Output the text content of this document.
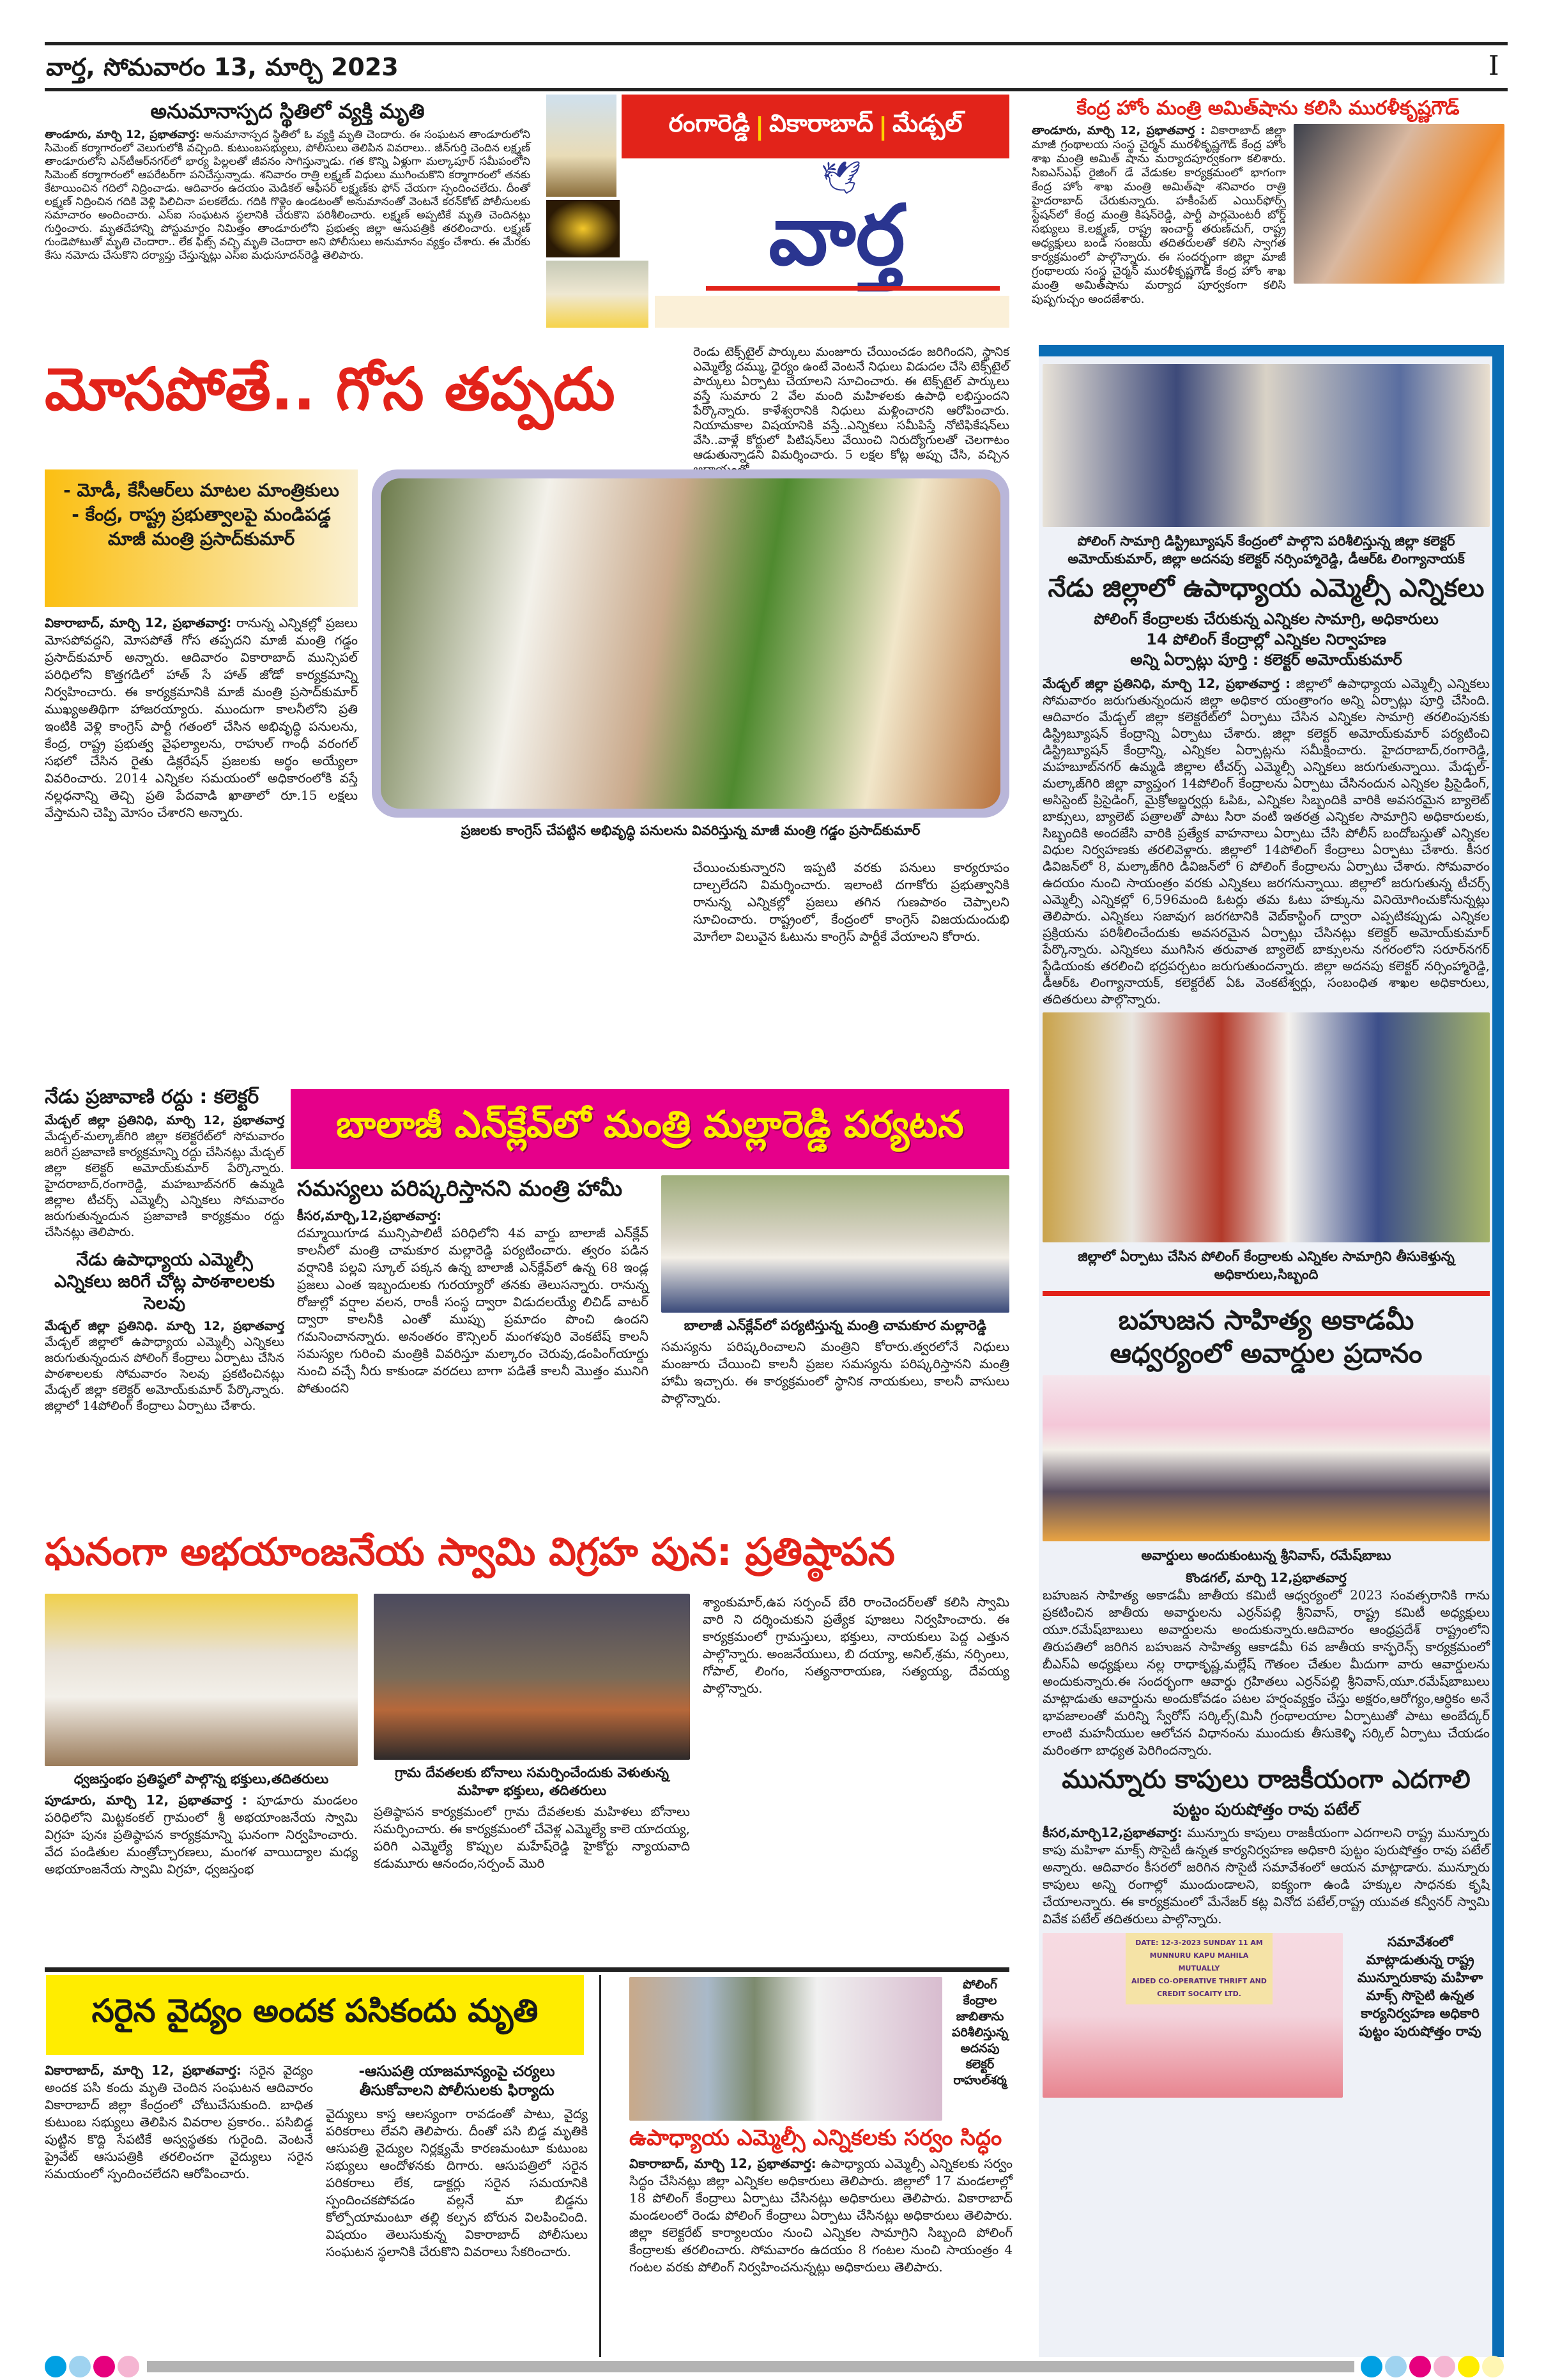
వార్త, సోమవారం 13, మార్చి 2023	I
అనుమానాస్పద స్థితిలో వ్యక్తి మృతి
తాండూరు, మార్చి 12, ప్రభాతవార్త: అనుమానాస్పద స్థితిలో ఓ వ్యక్తి మృతి చెందారు. ఈ సంఘటన తాండూరులోని సిమెంట్ కర్మాగారంలో వెలుగులోకి వచ్చింది. కుటుంబసభ్యులు, పోలీసులు తెలిపిన వివరాలు.. జీన్‌గుర్తి చెందిన లక్ష్మణ్ తాండూరులోని ఎన్‌టీఆర్‌నగర్‌లో భార్య పిల్లలతో జీవనం సాగిస్తున్నాడు. గత కొన్ని ఏళ్లుగా మల్కాపూర్ సమీపంలోని సిమెంట్ కర్మాగారంలో ఆపరేటర్‌గా పనిచేస్తున్నాడు. శనివారం రాత్రి లక్ష్మణ్ విధులు ముగించుకొని కర్మాగారంలో తనకు కేటాయించిన గదిలో నిద్రించాడు. ఆదివారం ఉదయం మెడికల్ ఆఫీసర్ లక్ష్మణ్‌కు ఫోన్ చేయగా స్పందించలేదు. దీంతో లక్ష్మణ్ నిద్రించిన గదికి వెళ్లి పిలిచినా పలకలేదు. గదికి గొళ్లెం ఉండటంతో అనుమానంతో వెంటనే కరన్‌కోట్ పోలీసులకు సమాచారం అందించారు. ఎస్ఐ సంఘటన స్థలానికి చేరుకొని పరిశీలించారు. లక్ష్మణ్ అప్పటికే మృతి చెందినట్లు గుర్తించారు. మృతదేహాన్ని పోస్టుమార్టం నిమిత్తం తాండూరులోని ప్రభుత్వ జిల్లా ఆసుపత్రికి తరలించారు. లక్ష్మణ్ గుండెపోటుతో మృతి చెందారా.. లేక ఫిట్స్ వచ్చి మృతి చెందారా అని పోలీసులు అనుమానం వ్యక్తం చేశారు. ఈ మేరకు కేసు నమోదు చేసుకొని దర్యాప్తు చేస్తున్నట్లు ఎస్ఐ మధుసూదన్‌రెడ్డి తెలిపారు.
రంగారెడ్డి | వికారాబాద్ | మేడ్చల్
🕊
వార్త
కేంద్ర హోం మంత్రి అమిత్‌షాను కలిసి మురళీకృష్ణగౌడ్
తాండూరు, మార్చి 12, ప్రభాతవార్త : వికారాబాద్ జిల్లా మాజీ గ్రంథాలయ సంస్థ చైర్మన్ మురళీకృష్ణగౌడ్ కేంద్ర హోం శాఖ మంత్రి అమిత్ షాను మర్యాదపూర్వకంగా కలిశారు. సిఐఎస్ఎఫ్ రైజింగ్ డే వేడుకల కార్యక్రమంలో భాగంగా కేంద్ర హోం శాఖ మంత్రి అమిత్‌షా శనివారం రాత్రి హైదరాబాద్ చేరుకున్నారు. హకీంపేట్ ఎయిర్‌ఫోర్స్ స్టేషన్‌లో కేంద్ర మంత్రి కిషన్‌రెడ్డి, పార్టీ పార్లమెంటరీ బోర్డ్ సభ్యులు కె.లక్ష్మణ్, రాష్ట్ర ఇంచార్జ్ తరుణ్‌చుగ్, రాష్ట్ర అధ్యక్షులు బండి సంజయ్ తదితరులతో కలిసి స్వాగత కార్యక్రమంలో పాల్గొన్నారు. ఈ సందర్భంగా జిల్లా మాజీ గ్రంథాలయ సంస్థ చైర్మన్ మురళీకృష్ణగౌడ్ కేంద్ర హోం శాఖ మంత్రి అమిత్‌షాను మర్యాద పూర్వకంగా కలిసి పుష్పగుచ్చం అందజేశారు.
మోసపోతే.. గోస తప్పదు
రెండు టెక్స్‌టైల్ పార్కులు మంజూరు చేయించడం జరిగిందని, స్థానిక ఎమ్మెల్యే దమ్ము, ధైర్యం ఉంటే వెంటనే నిధులు విడుదల చేసి టెక్స్‌టైల్ పార్కులు ఏర్పాటు చేయాలని సూచించారు. ఈ టెక్స్‌టైల్ పార్కులు వస్తే సుమారు 2 వేల మంది మహిళలకు ఉపాధి లభిస్తుందని పేర్కొన్నారు. కాళేశ్వరానికి నిధులు మళ్లించారని ఆరోపించారు. నియామకాల విషయానికి వస్తే..ఎన్నికలు సమీపిస్తే నోటిఫికేషన్‌లు వేసి..వాళ్లే కోర్టులో పిటిషన్‌లు వేయించి నిరుద్యోగులతో చెలగాటం ఆడుతున్నాడని విమర్శించారు. 5 లక్షల కోట్ల అప్పు చేసి, వచ్చిన
- మోడీ, కేసీఆర్‌లు మాటల మాంత్రికులు
- కేంద్ర, రాష్ట్ర ప్రభుత్వాలపై మండిపడ్డ మాజీ మంత్రి ప్రసాద్‌కుమార్
వికారాబాద్, మార్చి 12, ప్రభాతవార్త: రానున్న ఎన్నికల్లో ప్రజలు మోసపోవద్దని, మోసపోతే గోస తప్పదని మాజీ మంత్రి గడ్డం ప్రసాద్‌కుమార్ అన్నారు. ఆదివారం వికారాబాద్ మున్సిపల్ పరిధిలోని కొత్తగడిలో హాత్ సే హాత్ జోడో కార్యక్రమాన్ని నిర్వహించారు. ఈ కార్యక్రమానికి మాజీ మంత్రి ప్రసాద్‌కుమార్ ముఖ్యఅతిథిగా హాజరయ్యారు. ముందుగా కాలనీలోని ప్రతి ఇంటికి వెళ్లి కాంగ్రెస్ పార్టీ గతంలో చేసిన అభివృద్ధి పనులను, కేంద్ర, రాష్ట్ర ప్రభుత్వ వైఫల్యాలను, రాహుల్ గాంధీ వరంగల్ సభలో చేసిన రైతు డిక్లరేషన్ ప్రజలకు అర్థం అయ్యేలా వివరించారు. 2014 ఎన్నికల సమయంలో అధికారంలోకి వస్తే నల్లధనాన్ని తెచ్చి ప్రతి పేదవాడి ఖాతాలో రూ.15 లక్షలు వేస్తామని చెప్పి మోసం చేశారని అన్నారు.
ప్రజలకు కాంగ్రెస్ చేపట్టిన అభివృద్ధి పనులను వివరిస్తున్న మాజీ మంత్రి గడ్డం ప్రసాద్‌కుమార్
చేయించుకున్నారని ఇప్పటి వరకు పనులు కార్యరూపం దాల్చలేదని విమర్శించారు. ఇలాంటి దగాకోరు ప్రభుత్వానికి రానున్న ఎన్నికల్లో ప్రజలు తగిన గుణపాఠం చెప్పాలని సూచించారు. రాష్ట్రంలో, కేంద్రంలో కాంగ్రెస్ విజయదుందుభి మోగేలా విలువైన ఓటును కాంగ్రెస్ పార్టీకే వేయాలని కోరారు.
నేడు ప్రజావాణి రద్దు : కలెక్టర్
మేడ్చల్ జిల్లా ప్రతినిధి, మార్చి 12, ప్రభాతవార్త మేడ్చల్-మల్కాజ్‌గిరి జిల్లా కలెక్టరేట్‌లో సోమవారం జరిగే ప్రజావాణి కార్యక్రమాన్ని రద్దు చేసినట్లు మేడ్చల్ జిల్లా కలెక్టర్ అమోయ్‌కుమార్ పేర్కొన్నారు. హైదరాబాద్,రంగారెడ్డి, మహబూబ్‌నగర్ ఉమ్మడి జిల్లాల టీచర్స్ ఎమ్మెల్సీ ఎన్నికలు సోమవారం జరుగుతున్నందున ప్రజావాణి కార్యక్రమం రద్దు చేసినట్లు తెలిపారు.
నేడు ఉపాధ్యాయ ఎమ్మెల్సీ ఎన్నికలు జరిగే చోట్ల పాఠశాలలకు సెలవు
మేడ్చల్ జిల్లా ప్రతినిధి. మార్చి 12, ప్రభాతవార్త మేడ్చల్ జిల్లాలో ఉపాధ్యాయ ఎమ్మెల్సీ ఎన్నికలు జరుగుతున్నందున పోలింగ్ కేంద్రాలు ఏర్పాటు చేసిన పాఠశాలలకు సోమవారం సెలవు ప్రకటించినట్లు మేడ్చల్ జిల్లా కలెక్టర్ అమోయ్‌కుమార్ పేర్కొన్నారు. జిల్లాలో 14పోలింగ్ కేంద్రాలు ఏర్పాటు చేశారు.
బాలాజీ ఎన్‌క్లేవ్‌లో మంత్రి మల్లారెడ్డి పర్యటన
సమస్యలు పరిష్కరిస్తానని మంత్రి హామీ
కీసర,మార్చి,12,ప్రభాతవార్త:
దమ్మాయిగూడ మున్సిపాలిటీ పరిధిలోని 4వ వార్డు బాలాజీ ఎన్‌క్లేవ్ కాలనీలో మంత్రి చామకూర మల్లారెడ్డి పర్యటించారు. త్వరం పడిన వర్షానికి పల్లవి స్కూల్ పక్కన ఉన్న బాలాజీ ఎన్‌క్లేవ్‌లో ఉన్న 68 ఇండ్ల ప్రజలు ఎంత ఇబ్బందులకు గురయ్యారో తనకు తెలుసన్నారు. రానున్న రోజుల్లో వర్షాల వలన, రాంకీ సంస్థ ద్వారా విడుదలయ్యే లిచిడ్ వాటర్ ద్వారా కాలనీకి ఎంతో ముప్పు ప్రమాదం పొంచి ఉందని గమనించానన్నారు. అనంతరం కౌన్సిలర్ మంగళపురి వెంకటేష్ కాలనీ సమస్యల గురించి మంత్రికి వివరిస్తూ మల్కారం చెరువు,డంపింగ్‌యార్డు నుంచి వచ్చే నీరు కాకుండా వరదలు బాగా పడితే కాలనీ మొత్తం మునిగి పోతుందని
బాలాజీ ఎన్‌క్లేవ్‌లో పర్యటిస్తున్న మంత్రి చామకూర మల్లారెడ్డి
సమస్యను పరిష్కరించాలని మంత్రిని కోరారు.త్వరలోనే నిధులు మంజూరు చేయించి కాలనీ ప్రజల సమస్యను పరిష్కరిస్తానని మంత్రి హామీ ఇచ్చారు. ఈ కార్యక్రమంలో స్థానిక నాయకులు, కాలనీ వాసులు పాల్గొన్నారు.
పోలింగ్ సామాగ్రి డిస్ట్రిబ్యూషన్ కేంద్రంలో పాల్గొని పరిశీలిస్తున్న జిల్లా కలెక్టర్ అమోయ్‌కుమార్, జిల్లా అదనపు కలెక్టర్ నర్సింహ్మారెడ్డి, డీఆర్‌ఓ లింగ్యానాయక్
నేడు జిల్లాలో ఉపాధ్యాయ ఎమ్మెల్సీ ఎన్నికలు
పోలింగ్ కేంద్రాలకు చేరుకున్న ఎన్నికల సామాగ్రి, అధికారులు
14 పోలింగ్ కేంద్రాల్లో ఎన్నికల నిర్వాహణ
అన్ని ఏర్పాట్లు పూర్తి : కలెక్టర్ అమోయ్‌కుమార్
మేడ్చల్ జిల్లా ప్రతినిధి, మార్చి 12, ప్రభాతవార్త : జిల్లాలో ఉపాధ్యాయ ఎమ్మెల్సీ ఎన్నికలు సోమవారం జరుగుతున్నందున జిల్లా అధికార యంత్రాంగం అన్ని ఏర్పాట్లు పూర్తి చేసింది. ఆదివారం మేడ్చల్ జిల్లా కలెక్టరేట్‌లో ఏర్పాటు చేసిన ఎన్నికల సామాగ్రి తరలింపునకు డిస్ట్రిబ్యూషన్ కేంద్రాన్ని ఏర్పాటు చేశారు. జిల్లా కలెక్టర్ అమోయ్‌కుమార్ పర్యటించి డిస్ట్రిబ్యూషన్ కేంద్రాన్ని, ఎన్నికల ఏర్పాట్లను సమీక్షించారు. హైదరాబాద్,రంగారెడ్డి, మహబూబ్‌నగర్ ఉమ్మడి జిల్లాల టీచర్స్ ఎమ్మెల్సీ ఎన్నికలు జరుగుతున్నాయి. మేడ్చల్-మల్కాజ్‌గిరి జిల్లా వ్యాప్తంగ 14పోలింగ్ కేంద్రాలను ఏర్పాటు చేసినందున ఎన్నికల ప్రిసైడింగ్, అసిస్టెంట్ ప్రిసైడింగ్, మైక్రోఅబ్జర్వర్లు ఓపిఓ, ఎన్నికల సిబ్బందికి వారికి అవసరమైన బ్యాలెట్ బాక్సులు, బ్యాలెట్ పత్రాలతో పాటు సిరా వంటి ఇతరత్ర ఎన్నికల సామాగ్రిని అధికారులకు, సిబ్బందికి అందజేసి వారికి ప్రత్యేక వాహనాలు ఏర్పాటు చేసి పోలీస్ బందోబస్తుతో ఎన్నికల విధుల నిర్వహణకు తరలివెళ్లారు. జిల్లాలో 14పోలింగ్ కేంద్రాలు ఏర్పాటు చేశారు. కీసర డివిజన్‌లో 8, మల్కాజ్‌గిరి డివిజన్‌లో 6 పోలింగ్ కేంద్రాలను ఏర్పాటు చేశారు. సోమవారం ఉదయం నుంచి సాయంత్రం వరకు ఎన్నికలు జరగనున్నాయి. జిల్లాలో జరుగుతున్న టీచర్స్ ఎమ్మెల్సీ ఎన్నికల్లో 6,596మంది ఓటర్లు తమ ఓటు హక్కును వినియోగించుకోనున్నట్లు తెలిపారు. ఎన్నికలు సజావుగ జరగటానికి వెబ్‌కాస్టింగ్ ద్వారా ఎప్పటికప్పుడు ఎన్నికల ప్రక్రియను పరిశీలించేందుకు అవసరమైన ఏర్పాట్లు చేసినట్లు కలెక్టర్ అమోయ్‌కుమార్ పేర్కొన్నారు. ఎన్నికలు ముగిసిన తరువాత బ్యాలెట్ బాక్సులను నగరంలోని సరూర్‌నగర్ స్టేడియంకు తరలించి భద్రపర్చటం జరుగుతుందన్నారు. జిల్లా అదనపు కలెక్టర్ నర్సింహ్మారెడ్డి, డీఆర్‌ఓ లింగ్యానాయక్, కలెక్టరేట్ ఏఓ వెంకటేశ్వర్లు, సంబంధిత శాఖల అధికారులు, తదితరులు పాల్గొన్నారు.
జిల్లాలో ఏర్పాటు చేసిన పోలింగ్ కేంద్రాలకు ఎన్నికల సామాగ్రిని తీసుకెళ్తున్న అధికారులు,సిబ్బంది
బహుజన సాహిత్య అకాడమీ ఆధ్వర్యంలో అవార్డుల ప్రదానం
అవార్డులు అందుకుంటున్న శ్రీనివాస్, రమేష్‌బాబు
కొండగల్, మార్చి 12,ప్రభాతవార్త
బహుజన సాహిత్య అకాడమీ జాతీయ కమిటీ ఆధ్వర్యంలో 2023 సంవత్సరానికి గాను ప్రకటించిన జాతీయ అవార్డులను ఎర్రన్‌పల్లి శ్రీనివాస్, రాష్ట్ర కమిటీ అధ్యక్షులు యూ.రమేష్‌బాబులు అవార్డులను అందుకున్నారు.ఆదివారం ఆంధ్రప్రదేశ్ రాష్ట్రంలోని తిరుపతిలో జరిగిన బహుజన సాహిత్య ఆకాడమీ 6వ జాతీయ కాన్ఫరెన్స్ కార్యక్రమంలో బీఎస్‌ఏ అధ్యక్షులు నల్ల రాధాకృష్ణ,మల్లేష్ గౌతంల చేతుల మీదుగా వారు ఆవార్డులను అందుకున్నారు.ఈ సందర్భంగా ఆవార్డు గ్రహితలు ఎర్రన్‌పల్లి శ్రీనివాస్,యూ.రమేష్‌బాబులు మాట్లాడుతు ఆవార్డును అందుకోవడం పటల హర్షంవ్యక్తం చేస్తు అక్షరం,ఆరోగ్యం,ఆర్ధికం అనే భావజాలంతో మరిన్ని స్వేరోస్ సర్కిల్స్(మినీ గ్రంథాలయాల ఏర్పాటుతో పాటు అంబేద్కర్ లాంటి మహనీయుల ఆలోచన విధానంను ముందుకు తీసుకెళ్ళి సర్కిల్ ఏర్పాటు చేయడం మరింతగా బాధ్యత పెరిగిందన్నారు.
మున్నూరు కాపులు రాజకీయంగా ఎదగాలి
పుట్టం పురుషోత్తం రావు పటేల్
కీసర,మార్చి12,ప్రభాతవార్త: మున్నూరు కాపులు రాజకీయంగా ఎదగాలని రాష్ట్ర మున్నూరు కాపు మహిళా మాక్స్ సొసైటీ ఉన్నత కార్యనిర్వహణ అధికారి పుట్టం పురుషోత్తం రావు పటేల్ అన్నారు. ఆదివారం కీసరలో జరిగిన సొసైటీ సమావేశంలో ఆయన మాట్లాడారు. మున్నూరు కాపులు అన్ని రంగాల్లో ముందుండాలని, ఐక్యంగా ఉండి హక్కుల సాధనకు కృషి చేయాలన్నారు. ఈ కార్యక్రమంలో మేనేజర్ కట్ల వినోద పటేల్,రాష్ట్ర యువత కన్వీనర్ స్వామి వివేక పటేల్ తదితరులు పాల్గొన్నారు.
DATE: 12-3-2023 SUNDAY 11 AM
MUNNURU KAPU MAHILA MUTUALLY
AIDED CO-OPERATIVE THRIFT AND
CREDIT SOCAITY LTD.
సమావేశంలో మాట్లాడుతున్న రాష్ట్ర మున్నూరుకాపు మహిళా మాక్స్ సొసైటి ఉన్నత కార్యనిర్వహణ అధికారి పుట్టం పురుషోత్తం రావు
ఘనంగా అభయాంజనేయ స్వామి విగ్రహ పున: ప్రతిష్ఠాపన
ధ్వజస్తంభం ప్రతిష్ఠలో పాల్గొన్న భక్తులు,తదితరులు
పూడూరు, మార్చి 12, ప్రభాతవార్త : పూడూరు మండలం పరిధిలోని మిట్టకంకల్ గ్రామంలో శ్రీ అభయాంజనేయ స్వామి విగ్రహ పునః ప్రతిష్ఠాపన కార్యక్రమాన్ని ఘనంగా నిర్వహించారు. వేద పండితుల మంత్రోచ్చారణలు, మంగళ వాయిద్యాల మధ్య అభయాంజనేయ స్వామి విగ్రహ, ధ్వజస్తంభ
గ్రామ దేవతలకు బోనాలు సమర్పించేందుకు వెళుతున్న మహిళా భక్తులు, తదితరులు
ప్రతిష్ఠాపన కార్యక్రమంలో గ్రామ దేవతలకు మహిళలు బోనాలు సమర్పించారు. ఈ కార్యక్రమంలో చేవెళ్ల ఎమ్మెల్యే కాలె యాదయ్య, పరిగి ఎమ్మెల్యే కొప్పుల మహేష్‌రెడ్డి హైకోర్టు న్యాయవాది కడుమూరు ఆనందం,సర్పంచ్ మొరి
శ్యాంకుమార్,ఉప సర్పంచ్ బేరి రాంచెందర్‌లతో కలిసి స్వామి వారి ని దర్శించుకుని ప్రత్యేక పూజలు నిర్వహించారు. ఈ కార్యక్రమంలో గ్రామస్తులు, భక్తులు, నాయకులు పెద్ద ఎత్తున పాల్గొన్నారు. అంజనేయులు, బి దయ్యా, అనిల్,శ్రమ, నర్సింలు, గోపాల్, లింగం, సత్యనారాయణ, సత్యయ్య, దేవయ్య పాల్గొన్నారు.
సరైన వైద్యం అందక పసికందు మృతి
వికారాబాద్, మార్చి 12, ప్రభాతవార్త: సరైన వైద్యం అందక పసి కందు మృతి చెందిన సంఘటన ఆదివారం వికారాబాద్ జిల్లా కేంద్రంలో చోటుచేసుకుంది. బాధిత కుటుంబ సభ్యులు తెలిపిన వివరాల ప్రకారం.. పసిబిడ్డ పుట్టిన కొద్ది సేపటికే అస్వస్థతకు గురైంది. వెంటనే ప్రైవేట్ ఆసుపత్రికి తరలించగా వైద్యులు సరైన సమయంలో స్పందించలేదని ఆరోపించారు.
-ఆసుపత్రి యాజమాన్యంపై చర్యలు తీసుకోవాలని పోలీసులకు ఫిర్యాదు
వైద్యులు కాస్త ఆలస్యంగా రావడంతో పాటు, వైద్య పరికరాలు లేవని తెలిపారు. దీంతో పసి బిడ్డ మృతికి ఆసుపత్రి వైద్యుల నిర్లక్ష్యమే కారణమంటూ కుటుంబ సభ్యులు ఆందోళనకు దిగారు. ఆసుపత్రిలో సరైన పరికరాలు లేక, డాక్టర్లు సరైన సమయానికి స్పందించకపోవడం వల్లనే మా బిడ్డను కోల్పోయామంటూ తల్లి కల్పన బోరున విలపించింది. విషయం తెలుసుకున్న వికారాబాద్ పోలీసులు సంఘటన స్థలానికి చేరుకొని వివరాలు సేకరించారు.
పోలింగ్ కేంద్రాల జాబితాను పరిశీలిస్తున్న అదనపు కలెక్టర్ రాహుల్‌శర్మ
ఉపాధ్యాయ ఎమ్మెల్సీ ఎన్నికలకు సర్వం సిద్ధం
వికారాబాద్, మార్చి 12, ప్రభాతవార్త: ఉపాధ్యాయ ఎమ్మెల్సీ ఎన్నికలకు సర్వం సిద్ధం చేసినట్లు జిల్లా ఎన్నికల అధికారులు తెలిపారు. జిల్లాలో 17 మండలాల్లో 18 పోలింగ్ కేంద్రాలు ఏర్పాటు చేసినట్లు అధికారులు తెలిపారు. వికారాబాద్ మండలంలో రెండు పోలింగ్ కేంద్రాలు ఏర్పాటు చేసినట్లు అధికారులు తెలిపారు. జిల్లా కలెక్టరేట్ కార్యాలయం నుంచి ఎన్నికల సామాగ్రిని సిబ్బంది పోలింగ్ కేంద్రాలకు తరలించారు. సోమవారం ఉదయం 8 గంటల నుంచి సాయంత్రం 4 గంటల వరకు పోలింగ్ నిర్వహించనున్నట్లు అధికారులు తెలిపారు.
